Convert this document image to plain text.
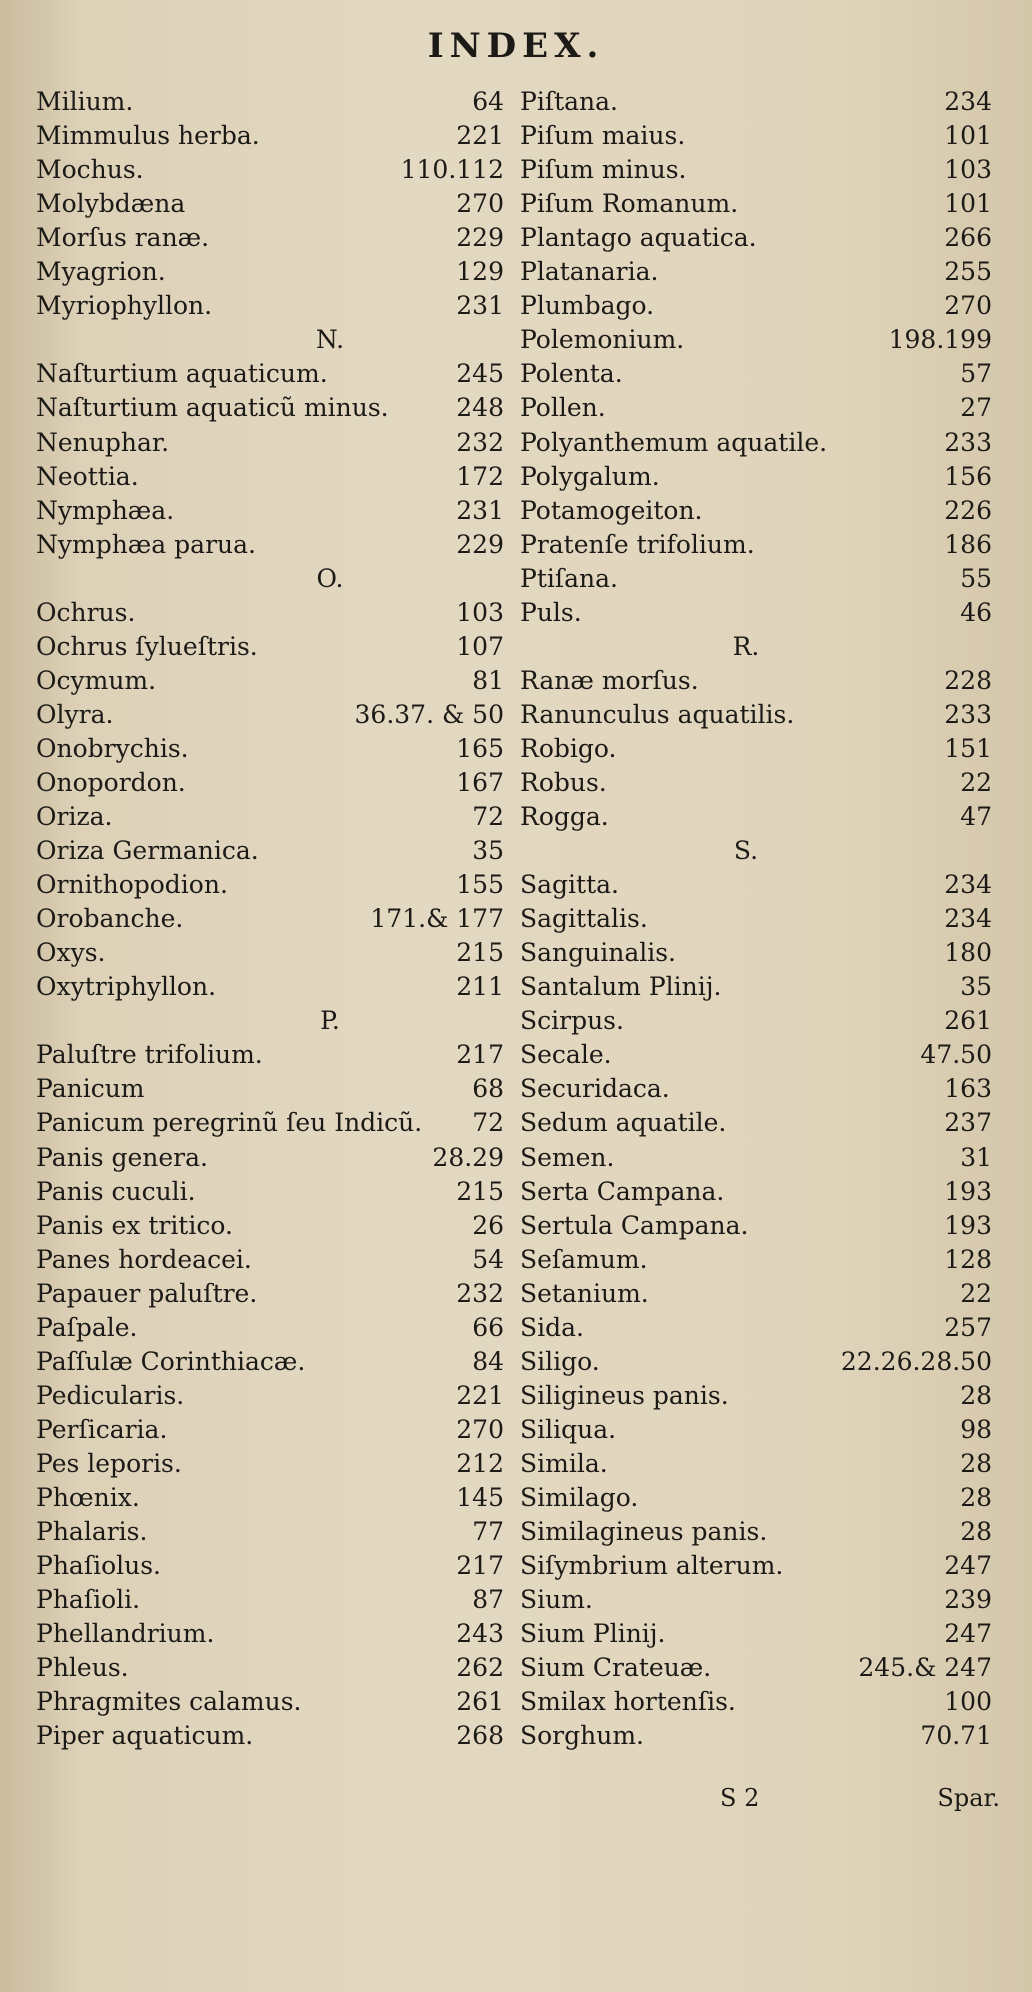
INDEX.
Milium.	64
Mimmulus herba.	221
Mochus.	110.112
Molybdæna	270
Morſus ranæ.	229
Myagrion.	129
Myriophyllon.	231
N.
Naſturtium aquaticum.	245
Naſturtium aquaticũ minus.	248
Nenuphar.	232
Neottia.	172
Nymphæa.	231
Nymphæa parua.	229
O.
Ochrus.	103
Ochrus ſylueſtris.	107
Ocymum.	81
Olyra.	36.37. & 50
Onobrychis.	165
Onopordon.	167
Oriza.	72
Oriza Germanica.	35
Ornithopodion.	155
Orobanche.	171.& 177
Oxys.	215
Oxytriphyllon.	211
P.
Paluſtre trifolium.	217
Panicum	68
Panicum peregrinũ ſeu Indicũ. 72
Panis genera.	28.29
Panis cuculi.	215
Panis ex tritico.	26
Panes hordeacei.	54
Papauer paluſtre.	232
Paſpale.	66
Paſſulæ Corinthiacæ.	84
Pedicularis.	221
Perſicaria.	270
Pes leporis.	212
Phœnix.	145
Phalaris.	77
Phaſiolus.	217
Phaſioli.	87
Phellandrium.	243
Phleus.	262
Phragmites calamus.	261
Piper aquaticum.	268
Piſtana.	234
Piſum maius.	101
Piſum minus.	103
Piſum Romanum.	101
Plantago aquatica.	266
Platanaria.	255
Plumbago.	270
Polemonium.	198.199
Polenta.	57
Pollen.	27
Polyanthemum aquatile.	233
Polygalum.	156
Potamogeiton.	226
Pratenſe trifolium.	186
Ptiſana.	55
Puls.	46
R.
Ranæ morſus.	228
Ranunculus aquatilis.	233
Robigo.	151
Robus.	22
Rogga.	47
S.
Sagitta.	234
Sagittalis.	234
Sanguinalis.	180
Santalum Plinij.	35
Scirpus.	261
Secale.	47.50
Securidaca.	163
Sedum aquatile.	237
Semen.	31
Serta Campana.	193
Sertula Campana.	193
Seſamum.	128
Setanium.	22
Sida.	257
Siligo.	22.26.28.50
Siligineus panis.	28
Siliqua.	98
Simila.	28
Similago.	28
Similagineus panis.	28
Siſymbrium alterum.	247
Sium.	239
Sium Plinij.	247
Sium Crateuæ.	245.& 247
Smilax hortenſis.	100
Sorghum.	70.71
S 2	Spar.
